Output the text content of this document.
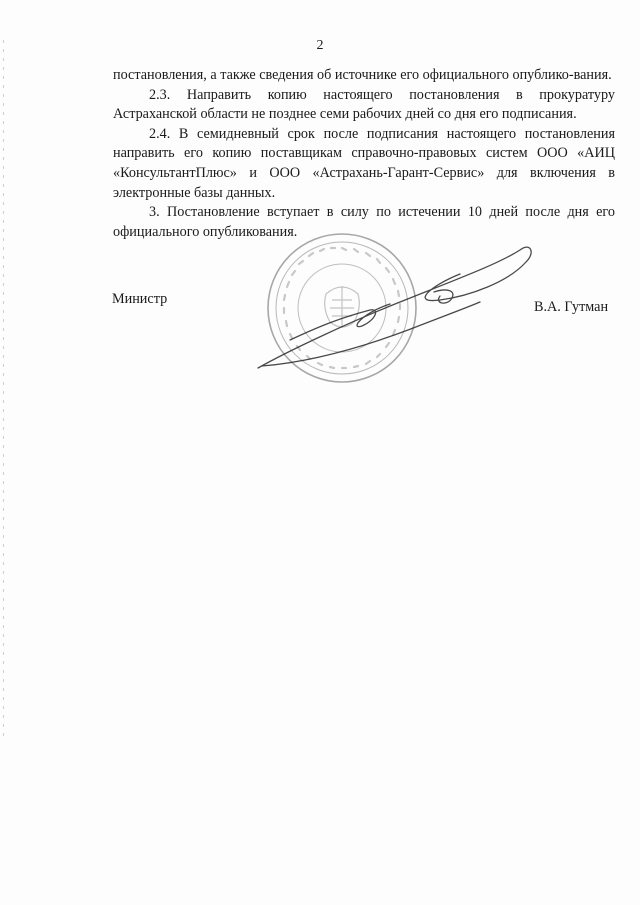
2

постановления, а также сведения об источнике его официального опублико-вания.

2.3. Направить копию настоящего постановления в прокуратуру Астраханской области не позднее семи рабочих дней со дня его подписания.

2.4. В семидневный срок после подписания настоящего постановления направить его копию поставщикам справочно-правовых систем ООО «АИЦ «КонсультантПлюс» и ООО «Астрахань-Гарант-Сервис» для включения в электронные базы данных.

3. Постановление вступает в силу по истечении 10 дней после дня его официального опубликования.

Министр	В.А. Гутман
